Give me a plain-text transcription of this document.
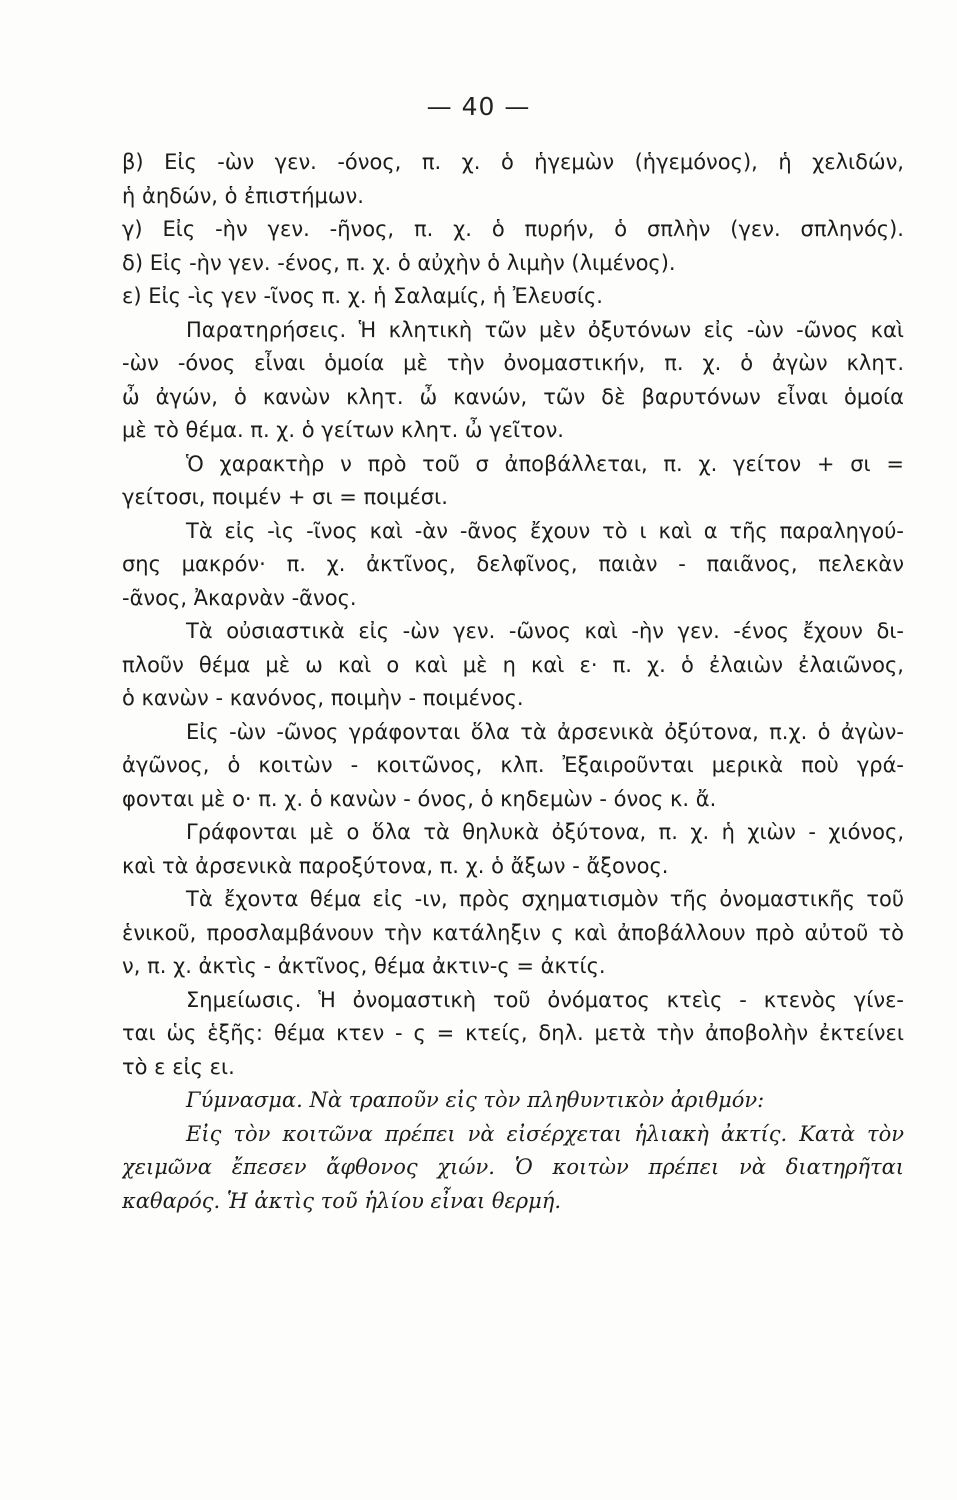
— 40 —
β) Εἰς -ὼν γεν. -όνος, π. χ. ὁ ἡγεμὼν (ἡγεμόνος), ἡ χελιδών,
ἡ ἀηδών, ὁ ἐπιστήμων.
γ) Εἰς -ὴν γεν. -ῆνος, π. χ. ὁ πυρήν, ὁ σπλὴν (γεν. σπληνός).
δ) Εἰς -ὴν γεν. -ένος, π. χ. ὁ αὐχὴν ὁ λιμὴν (λιμένος).
ε) Εἰς -ὶς γεν -ῖνος π. χ. ἡ Σαλαμίς, ἡ Ἐλευσίς.
Παρατηρήσεις. Ἡ κλητικὴ τῶν μὲν ὀξυτόνων εἰς -ὼν -ῶνος καὶ
-ὼν -όνος εἶναι ὁμοία μὲ τὴν ὀνομαστικήν, π. χ. ὁ ἀγὼν κλητ.
ὦ ἀγών, ὁ κανὼν κλητ. ὦ κανών, τῶν δὲ βαρυτόνων εἶναι ὁμοία
μὲ τὸ θέμα. π. χ. ὁ γείτων κλητ. ὦ γεῖτον.
Ὁ χαρακτὴρ ν πρὸ τοῦ σ ἀποβάλλεται, π. χ. γείτον + σι =
γείτοσι, ποιμέν + σι = ποιμέσι.
Τὰ εἰς -ὶς -ῖνος καὶ -ὰν -ᾶνος ἔχουν τὸ ι καὶ α τῆς παραληγού-
σης μακρόν· π. χ. ἀκτῖνος, δελφῖνος, παιὰν - παιᾶνος, πελεκὰν
-ᾶνος, Ἀκαρνὰν -ᾶνος.
Τὰ οὐσιαστικὰ εἰς -ὼν γεν. -ῶνος καὶ -ὴν γεν. -ένος ἔχουν δι-
πλοῦν θέμα μὲ ω καὶ ο καὶ μὲ η καὶ ε· π. χ. ὁ ἐλαιὼν ἐλαιῶνος,
ὁ κανὼν - κανόνος, ποιμὴν - ποιμένος.
Εἰς -ὼν -ῶνος γράφονται ὅλα τὰ ἀρσενικὰ ὀξύτονα, π.χ. ὁ ἀγὼν-
ἀγῶνος, ὁ κοιτὼν - κοιτῶνος, κλπ. Ἐξαιροῦνται μερικὰ ποὺ γρά-
φονται μὲ ο· π. χ. ὁ κανὼν - όνος, ὁ κηδεμὼν - όνος κ. ἄ.
Γράφονται μὲ ο ὅλα τὰ θηλυκὰ ὀξύτονα, π. χ. ἡ χιὼν - χιόνος,
καὶ τὰ ἀρσενικὰ παροξύτονα, π. χ. ὁ ἄξων - ἄξονος.
Τὰ ἔχοντα θέμα εἰς -ιν, πρὸς σχηματισμὸν τῆς ὀνομαστικῆς τοῦ
ἑνικοῦ, προσλαμβάνουν τὴν κατάληξιν ς καὶ ἀποβάλλουν πρὸ αὐτοῦ τὸ
ν, π. χ. ἀκτὶς - ἀκτῖνος, θέμα ἀκτιν-ς = ἀκτίς.
Σημείωσις. Ἡ ὀνομαστικὴ τοῦ ὀνόματος κτεὶς - κτενὸς γίνε-
ται ὡς ἑξῆς: θέμα κτεν - ς = κτείς, δηλ. μετὰ τὴν ἀποβολὴν ἐκτείνει
τὸ ε εἰς ει.
Γύμνασμα. Νὰ τραποῦν εἰς τὸν πληθυντικὸν ἀριθμόν:
Εἰς τὸν κοιτῶνα πρέπει νὰ εἰσέρχεται ἡλιακὴ ἀκτίς. Κατὰ τὸν
χειμῶνα ἔπεσεν ἄφθονος χιών. Ὁ κοιτὼν πρέπει νὰ διατηρῆται
καθαρός. Ἡ ἀκτὶς τοῦ ἡλίου εἶναι θερμή.
